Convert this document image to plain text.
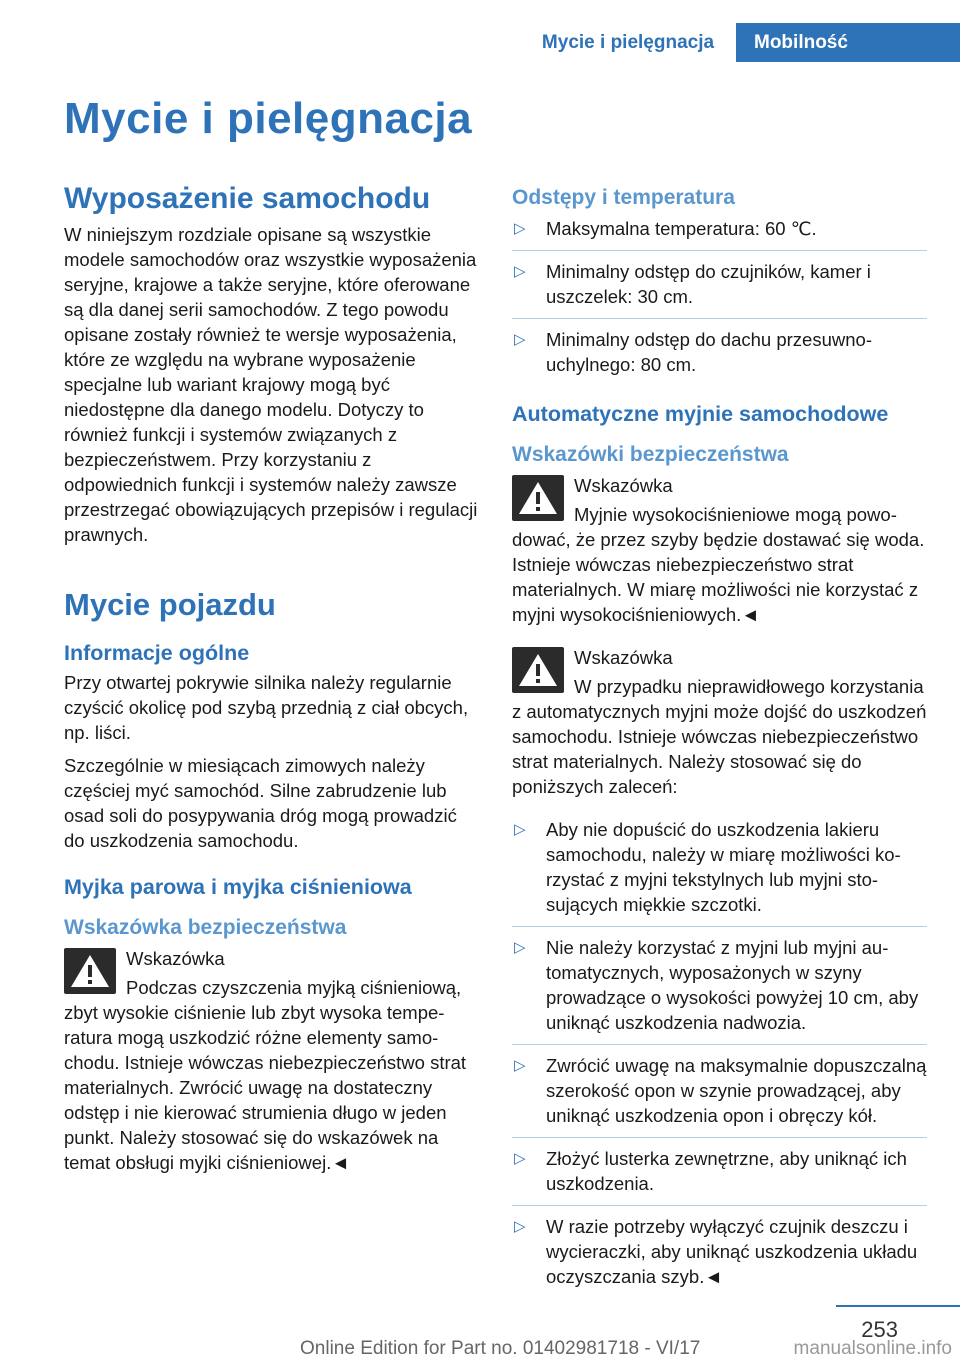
Mycie i pielęgnacja	Mobilność
Mycie i pielęgnacja
Wyposażenie samochodu

W niniejszym rozdziale opisane są wszystkie modele samochodów oraz wszystkie wyposażenia seryjne, krajowe a także seryjne, które oferowane są dla danej serii samochodów. Z tego powodu opisane zostały również te wersje wyposażenia, które ze względu na wybrane wyposażenie specjalne lub wariant krajowy mogą być niedostępne dla danego modelu. Dotyczy to również funkcji i systemów związanych z bezpieczeństwem. Przy korzystaniu z odpowiednich funkcji i systemów należy zawsze przestrzegać obowiązujących przepisów i regulacji prawnych.

Mycie pojazdu
Informacje ogólne

Przy otwartej pokrywie silnika należy regularnie czyścić okolicę pod szybą przednią z ciał obcych, np. liści.

Szczególnie w miesiącach zimowych należy częściej myć samochód. Silne zabrudzenie lub osad soli do posypywania dróg mogą prowadzić do uszkodzenia samochodu.

Myjka parowa i myjka ciśnieniowa
Wskazówka bezpieczeństwa
Wskazówka

Podczas czyszczenia myjką ciśnieniową, zbyt wysokie ciśnienie lub zbyt wysoka temperatura mogą uszkodzić różne elementy samochodu. Istnieje wówczas niebezpieczeństwo strat materialnych. Zwrócić uwagę na dostateczny odstęp i nie kierować strumienia długo w jeden punkt. Należy stosować się do wskazówek na temat obsługi myjki ciśnieniowej.◄

Odstępy i temperatura
▷ Maksymalna temperatura: 60 ℃.
▷ Minimalny odstęp do czujników, kamer i uszczelek: 30 cm.
▷ Minimalny odstęp do dachu przesuwno-uchylnego: 80 cm.
Automatyczne myjnie samochodowe
Wskazówki bezpieczeństwa
Wskazówka

Myjnie wysokociśnieniowe mogą powodować, że przez szyby będzie dostawać się woda. Istnieje wówczas niebezpieczeństwo strat materialnych. W miarę możliwości nie korzystać z myjni wysokociśnieniowych.◄

Wskazówka

W przypadku nieprawidłowego korzystania z automatycznych myjni może dojść do uszkodzeń samochodu. Istnieje wówczas niebezpieczeństwo strat materialnych. Należy stosować się do poniższych zaleceń:

▷ Aby nie dopuścić do uszkodzenia lakieru samochodu, należy w miarę możliwości korzystać z myjni tekstylnych lub myjni stosujących miękkie szczotki.
▷ Nie należy korzystać z myjni lub myjni automatycznych, wyposażonych w szyny prowadzące o wysokości powyżej 10 cm, aby uniknąć uszkodzenia nadwozia.
▷ Zwrócić uwagę na maksymalnie dopuszczalną szerokość opon w szynie prowadzącej, aby uniknąć uszkodzenia opon i obręczy kół.
▷ Złożyć lusterka zewnętrzne, aby uniknąć ich uszkodzenia.
▷ W razie potrzeby wyłączyć czujnik deszczu i wycieraczki, aby uniknąć uszkodzenia układu oczyszczania szyb.◄
253
Online Edition for Part no. 01402981718 - VI/17	manualsonline.info
